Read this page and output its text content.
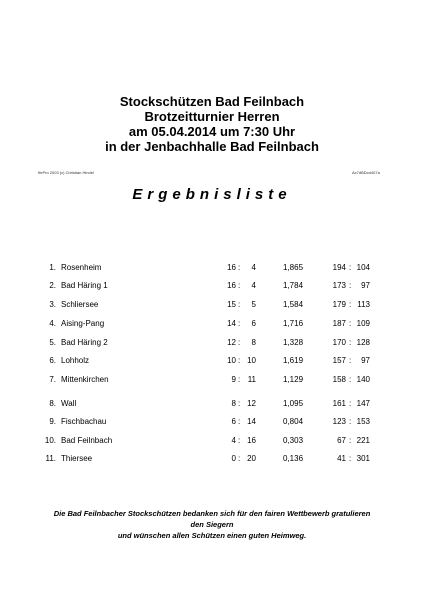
Stockschützen Bad Feilnbach
Brotzeitturnier Herren
am 05.04.2014 um 7:30 Uhr
in der Jenbachhalle Bad Feilnbach
IfePro 2003 (c) Christian Hindel	Ax7dBDcd407a
Ergebnisliste
1. Rosenheim	16 :	4	1,865	194 : 104
2. Bad Häring 1	16 :	4	1,784	173 :	97
3. Schliersee	15 :	5	1,584	179 : 113
4. Aising-Pang	14 :	6	1,716	187 : 109
5. Bad Häring 2	12 :	8	1,328	170 : 128
6. Lohholz	10 : 10	1,619	157 :	97
7. Mittenkirchen	9 : 11	1,129	158 : 140
8. Wall	8 : 12	1,095	161 : 147
9. Fischbachau	6 : 14	0,804	123 : 153
10. Bad Feilnbach	4 : 16	0,303	67 : 221
11. Thiersee	0 : 20	0,136	41 : 301
Die Bad Feilnbacher Stockschützen bedanken sich für den fairen Wettbewerb gratulieren
den Siegern
und wünschen allen Schützen einen guten Heimweg.
